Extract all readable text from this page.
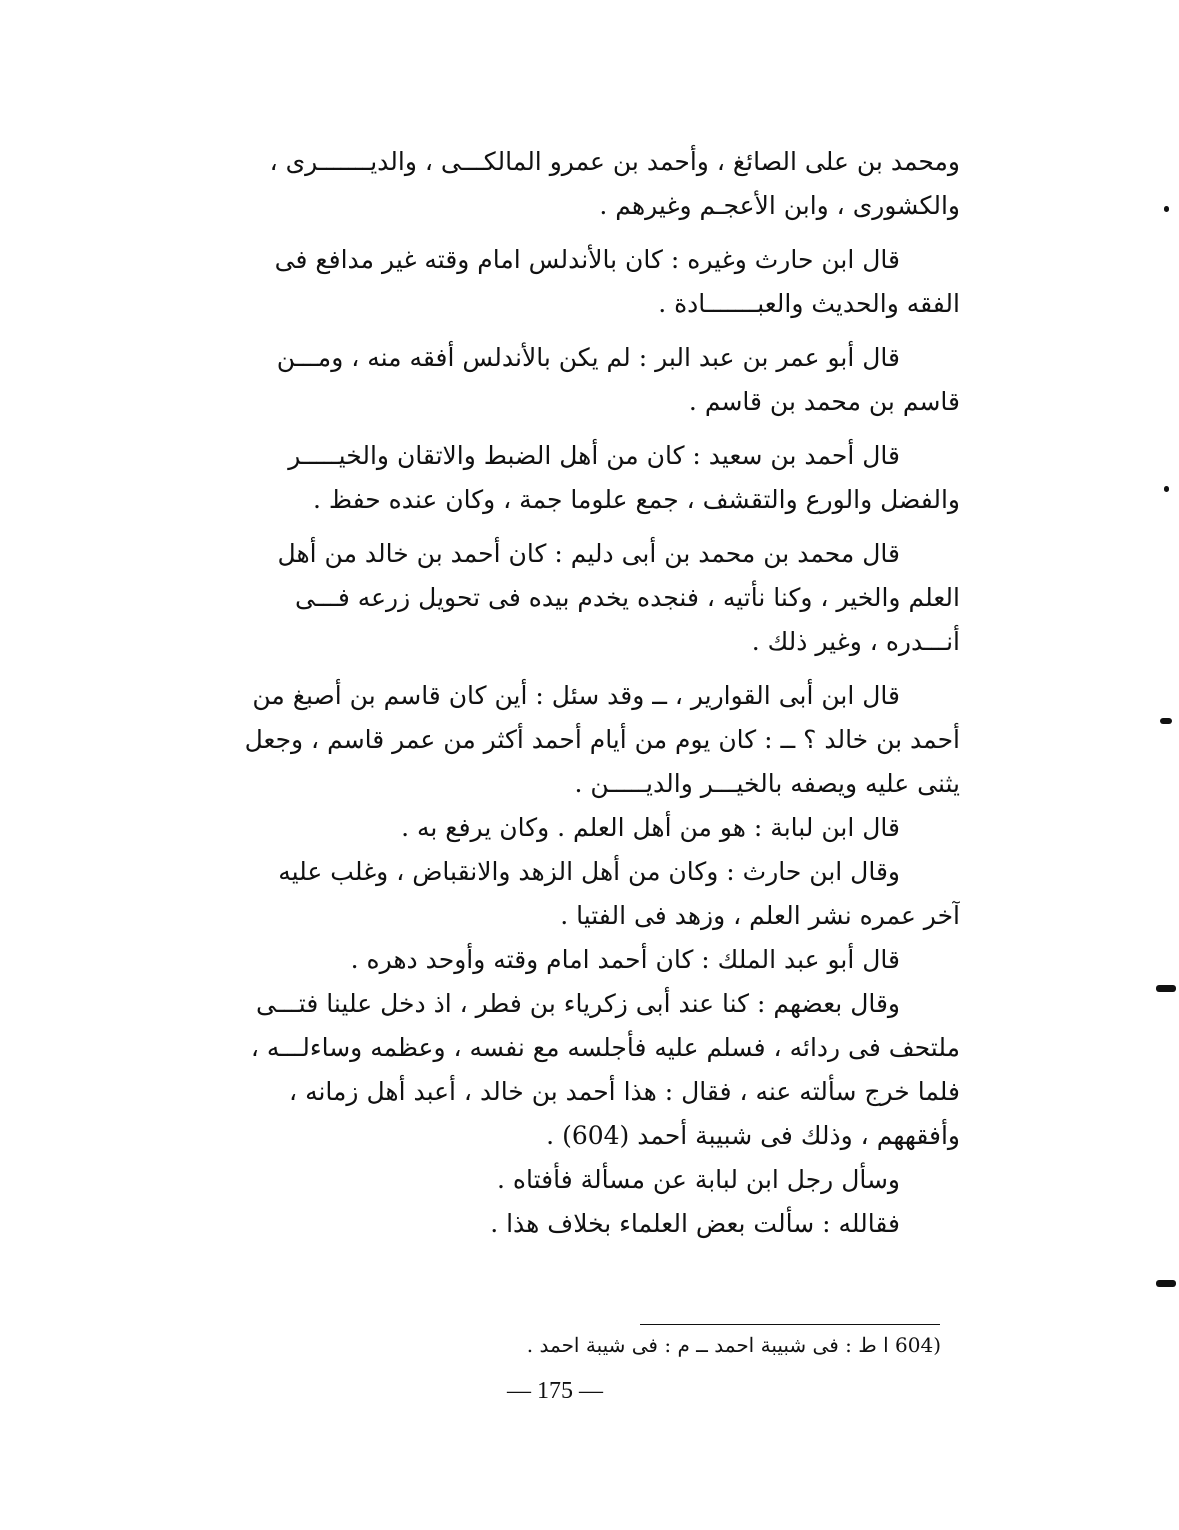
ومحمد بن على الصائغ ، وأحمد بن عمرو المالكـــى ، والديـــــــرى ،
والكشورى ، وابن الأعجـم وغيرهم .
قال ابن حارث وغيره : كان بالأندلس امام وقته غير مدافع فى
الفقه والحديث والعبـــــــادة .
قال أبو عمر بن عبد البر : لم يكن بالأندلس أفقه منه ، ومـــن
قاسم بن محمد بن قاسم .
قال أحمد بن سعيد : كان من أهل الضبط والاتقان والخيـــــر
والفضل والورع والتقشف ، جمع علوما جمة ، وكان عنده حفظ .
قال محمد بن محمد بن أبى دليم : كان أحمد بن خالد من أهل
العلم والخير ، وكنا نأتيه ، فنجده يخدم بيده فى تحويل زرعه فـــى
أنـــدره ، وغير ذلك .
قال ابن أبى القوارير ، ــ وقد سئل : أين كان قاسم بن أصبغ من
أحمد بن خالد ؟ ــ : كان يوم من أيام أحمد أكثر من عمر قاسم ، وجعل
يثنى عليه ويصفه بالخيـــر والديـــــن .
قال ابن لبابة : هو من أهل العلم . وكان يرفع به .
وقال ابن حارث : وكان من أهل الزهد والانقباض ، وغلب عليه
آخر عمره نشر العلم ، وزهد فى الفتيا .
قال أبو عبد الملك : كان أحمد امام وقته وأوحد دهره .
وقال بعضهم : كنا عند أبى زكرياء بن فطر ، اذ دخل علينا فتـــى
ملتحف فى ردائه ، فسلم عليه فأجلسه مع نفسه ، وعظمه وساءلـــه ،
فلما خرج سألته عنه ، فقال : هذا أحمد بن خالد ، أعبد أهل زمانه ،
وأفقههم ، وذلك فى شبيبة أحمد (604) .
وسأل رجل ابن لبابة عن مسألة فأفتاه .
فقالله : سألت بعض العلماء بخلاف هذا .
(604 ا ط : فى شبيبة احمد ــ م : فى شيبة احمد .
— 175 —
